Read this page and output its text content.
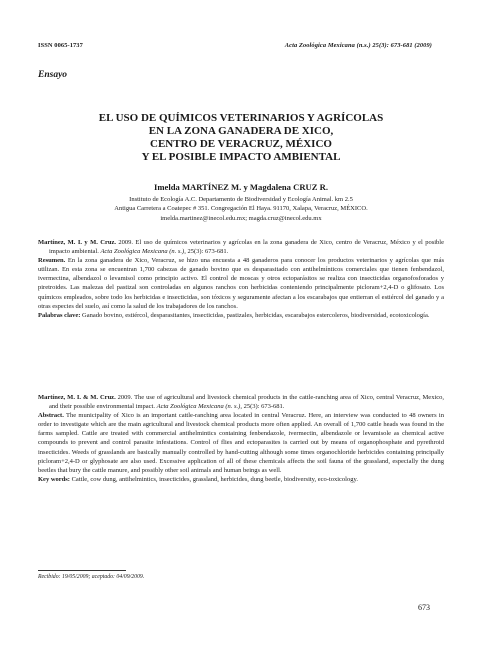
ISSN 0065-1737	Acta Zoológica Mexicana (n.s.) 25(3): 673-681 (2009)
Ensayo
EL USO DE QUÍMICOS VETERINARIOS Y AGRÍCOLAS
EN LA ZONA GANADERA DE XICO,
CENTRO DE VERACRUZ, MÉXICO
Y EL POSIBLE IMPACTO AMBIENTAL
Imelda MARTÍNEZ M. y Magdalena CRUZ R.
Instituto de Ecología A.C. Departamento de Biodiversidad y Ecología Animal. km 2.5
Antigua Carretera a Coatepec # 351. Congregación El Haya. 91170, Xalapa, Veracruz, MÉXICO.
imelda.martinez@inecol.edu.mx; magda.cruz@inecol.edu.mx

Martínez, M. I. y M. Cruz. 2009. El uso de químicos veterinarios y agrícolas en la zona ganadera de Xico, centro de Veracruz, México y el posible impacto ambiental. Acta Zoológica Mexicana (n. s.), 25(3): 673-681.

Resumen. En la zona ganadera de Xico, Veracruz, se hizo una encuesta a 48 ganaderos para conocer los productos veterinarios y agrícolas que más utilizan. En esta zona se encuentran 1,700 cabezas de ganado bovino que es desparasitado con antihelmínticos comerciales que tienen fenbendazol, ivermectina, albendazol o levamisol como principio activo. El control de moscas y otros ectoparásitos se realiza con insecticidas organofosforados y piretroides. Las malezas del pastizal son controladas en algunos ranchos con herbicidas conteniendo principalmente picloram+2,4-D o glifosato. Los químicos empleados, sobre todo los herbicidas e insecticidas, son tóxicos y seguramente afectan a los escarabajos que entierran el estiércol del ganado y a otras especies del suelo, así como la salud de los trabajadores de los ranchos.

Palabras clave: Ganado bovino, estiércol, desparasitantes, insecticidas, pastizales, herbicidas, escarabajos estercoleros, biodiversidad, ecotoxicología.

Martínez, M. I. & M. Cruz. 2009. The use of agricultural and livestock chemical products in the cattle-ranching area of Xico, central Veracruz, Mexico, and their possible environmental impact. Acta Zoológica Mexicana (n. s.), 25(3): 673-681.

Abstract. The municipality of Xico is an important cattle-ranching area located in central Veracruz. Here, an interview was conducted to 48 owners in order to investigate which are the main agricultural and livestock chemical products more often applied. An overall of 1,700 cattle heads was found in the farms sampled. Cattle are treated with commercial antihelmintics containing fenbendazole, ivermectin, albendazole or levamisole as chemical active compounds to prevent and control parasite infestations. Control of flies and ectoparasites is carried out by means of organophosphate and pyrethroid insecticides. Weeds of grasslands are basically manually controlled by hand-cutting although some times organochloride herbicides containing principally picloram+2,4-D or glyphosate are also used. Excessive application of all of these chemicals affects the soil fauna of the grassland, especially the dung beetles that bury the cattle manure, and possibly other soil animals and human beings as well.

Key words: Cattle, cow dung, antihelmintics, insecticides, grassland, herbicides, dung beetle, biodiversity, eco-toxicology.

Recibido: 19/05/2009; aceptado: 04/09/2009.
673
